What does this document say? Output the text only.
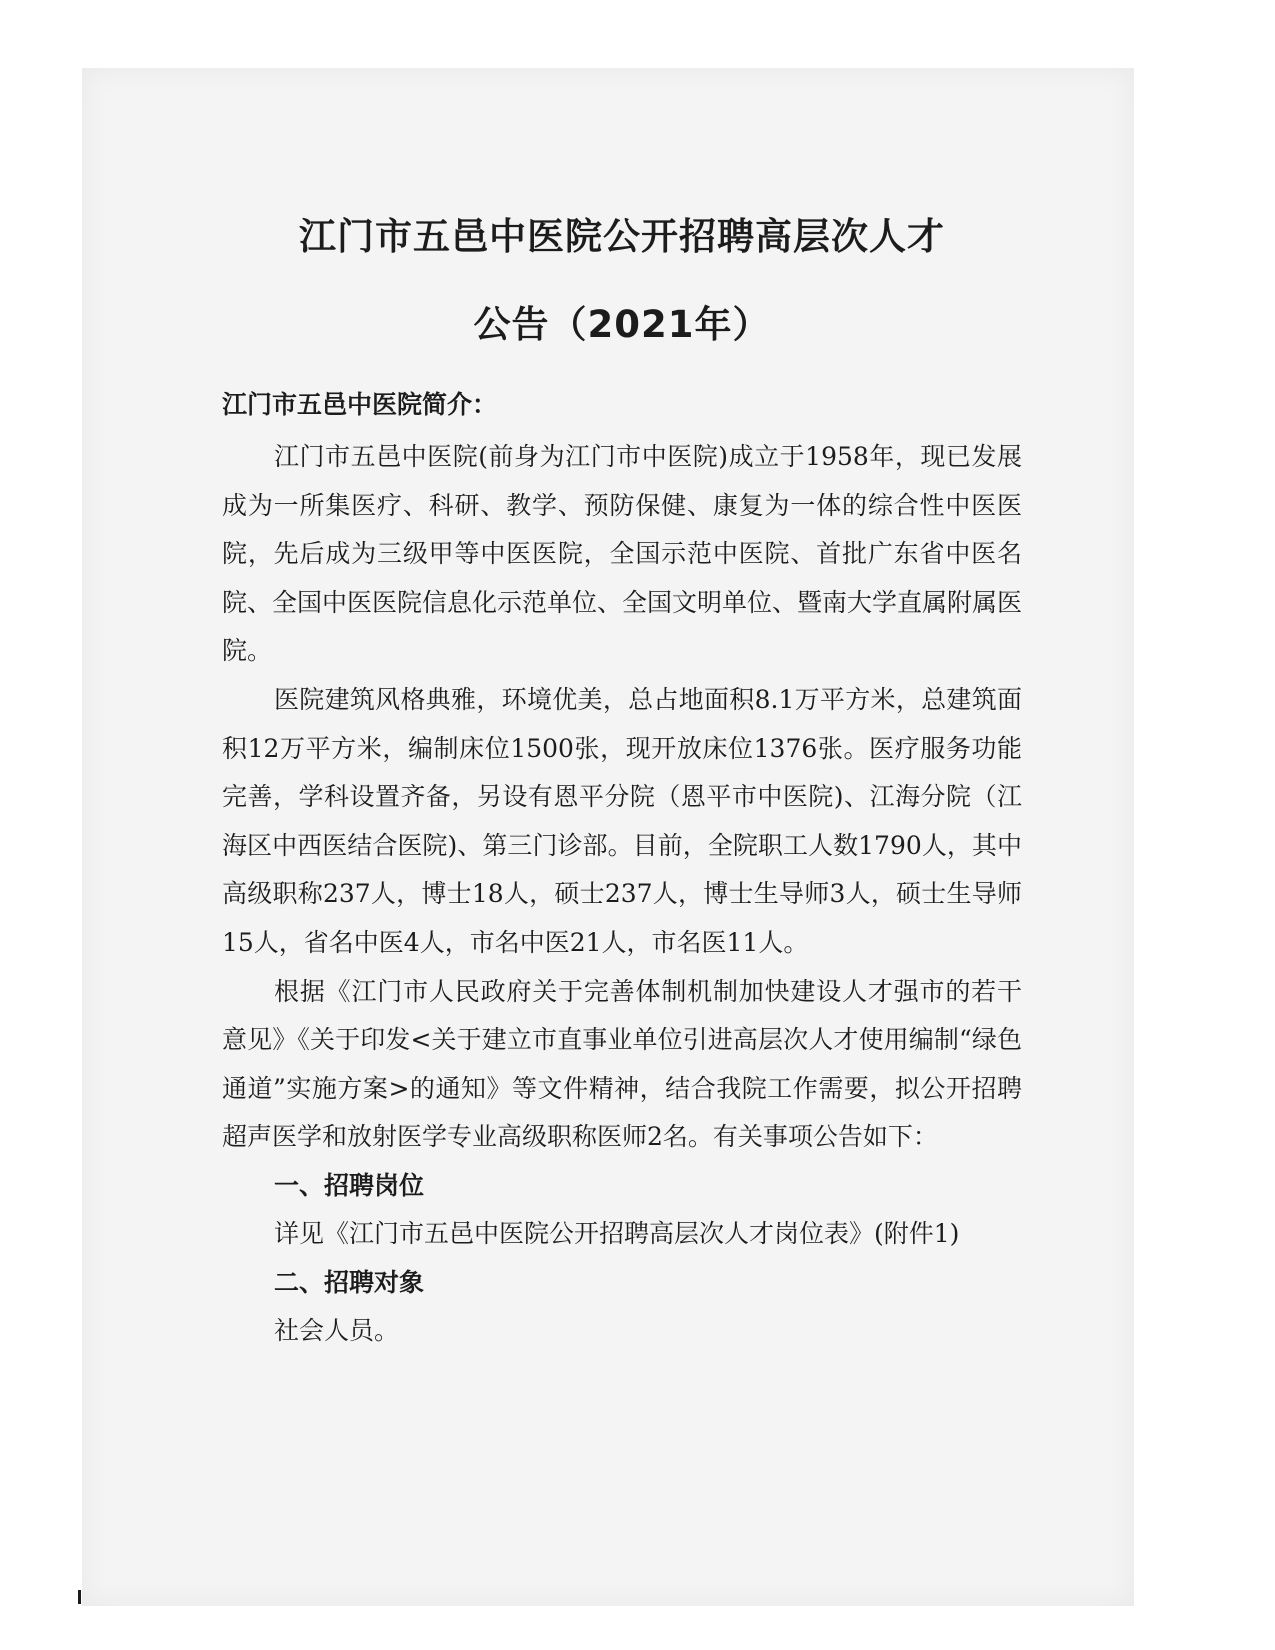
江门市五邑中医院公开招聘高层次人才
公告（2021年）

江门市五邑中医院简介：

江门市五邑中医院(前身为江门市中医院)成立于1958年，现已发展成为一所集医疗、科研、教学、预防保健、康复为一体的综合性中医医院，先后成为三级甲等中医医院，全国示范中医院、首批广东省中医名院、全国中医医院信息化示范单位、全国文明单位、暨南大学直属附属医院。

医院建筑风格典雅，环境优美，总占地面积8.1万平方米，总建筑面积12万平方米，编制床位1500张，现开放床位1376张。医疗服务功能完善，学科设置齐备，另设有恩平分院（恩平市中医院)、江海分院（江海区中西医结合医院)、第三门诊部。目前，全院职工人数1790人，其中高级职称237人，博士18人，硕士237人，博士生导师3人，硕士生导师15人，省名中医4人，市名中医21人，市名医11人。

根据《江门市人民政府关于完善体制机制加快建设人才强市的若干意见》《关于印发<关于建立市直事业单位引进高层次人才使用编制“绿色通道”实施方案>的通知》等文件精神，结合我院工作需要，拟公开招聘超声医学和放射医学专业高级职称医师2名。有关事项公告如下：

一、招聘岗位

详见《江门市五邑中医院公开招聘高层次人才岗位表》(附件1)

二、招聘对象

社会人员。
